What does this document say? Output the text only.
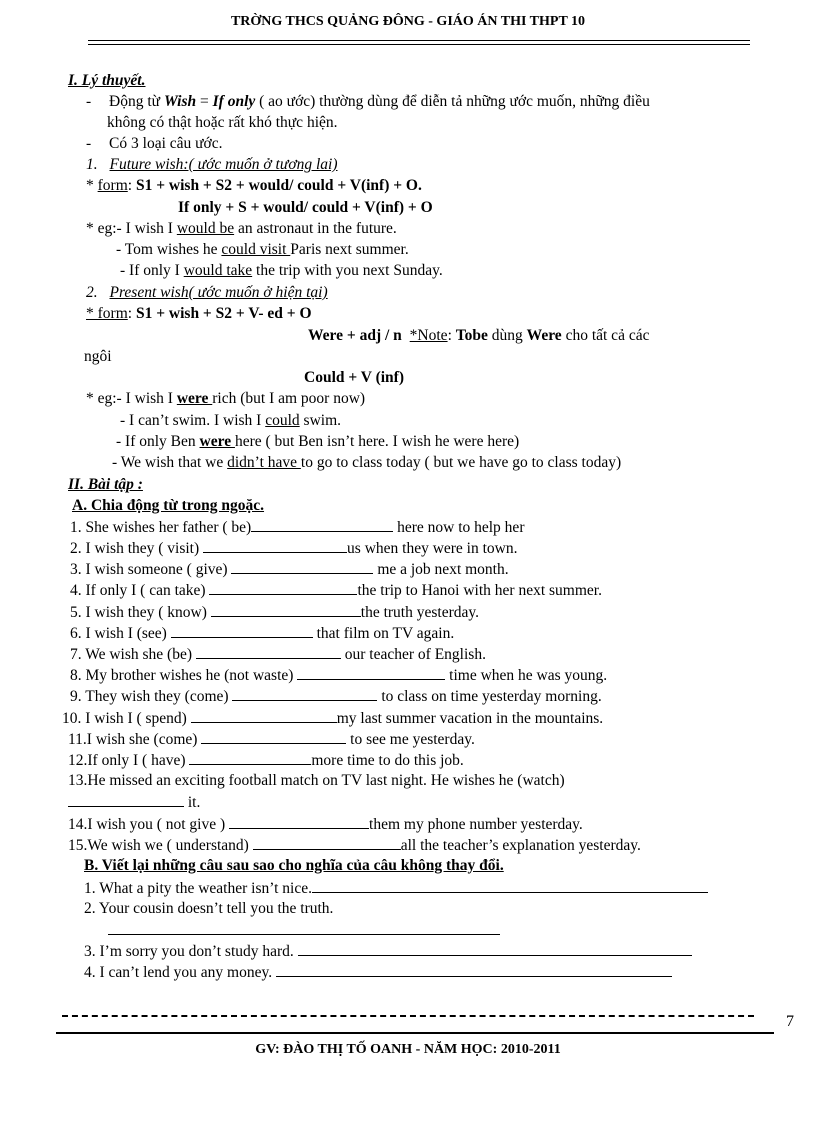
TRỜNG THCS QUẢNG ĐÔNG - GIÁO ÁN THI THPT 10
I. Lý thuyết.
- Động từ Wish = If only ( ao ước) thường dùng để diễn tả những ước muốn, những điều
không có thật hoặc rất khó thực hiện.
- Có 3 loại câu ước.
1. Future wish:( ước muốn ở tương lai)
* form: S1 + wish + S2 + would/ could + V(inf) + O.
If only + S + would/ could + V(inf) + O
* eg:- I wish I would be an astronaut in the future.
- Tom wishes he could visit Paris next summer.
- If only I would take the trip with you next Sunday.
2. Present wish( ước muốn ở hiện tại)
* form: S1 + wish + S2 + V- ed + O
Were + adj / n *Note: Tobe dùng Were cho tất cả các
ngôi
Could + V (inf)
* eg:- I wish I were rich (but I am poor now)
- I can’t swim. I wish I could swim.
- If only Ben were here ( but Ben isn’t here. I wish he were here)
- We wish that we didn’t have to go to class today ( but we have go to class today)
II. Bài tập :
A. Chia động từ trong ngoặc.
1. She wishes her father ( be)	here now to help her
2. I wish they ( visit)	us when they were in town.
3. I wish someone ( give)	me a job next month.
4. If only I ( can take)	the trip to Hanoi with her next summer.
5. I wish they ( know)	the truth yesterday.
6. I wish I (see)	that film on TV again.
7. We wish she (be)	our teacher of English.
8. My brother wishes he (not waste)	time when he was young.
9. They wish they (come)	to class on time yesterday morning.
10. I wish I ( spend)	my last summer vacation in the mountains.
11.I wish she (come)	to see me yesterday.
12.If only I ( have)	more time to do this job.
13.He missed an exciting football match on TV last night. He wishes he (watch)
it.
14.I wish you ( not give )	them my phone number yesterday.
15.We wish we ( understand)	all the teacher’s explanation yesterday.
B. Viết lại những câu sau sao cho nghĩa của câu không thay đổi.
1. What a pity the weather isn’t nice.
2. Your cousin doesn’t tell you the truth.
3. I’m sorry you don’t study hard.
4. I can’t lend you any money.
7
GV: ĐÀO THỊ TỐ OANH - NĂM HỌC: 2010-2011
